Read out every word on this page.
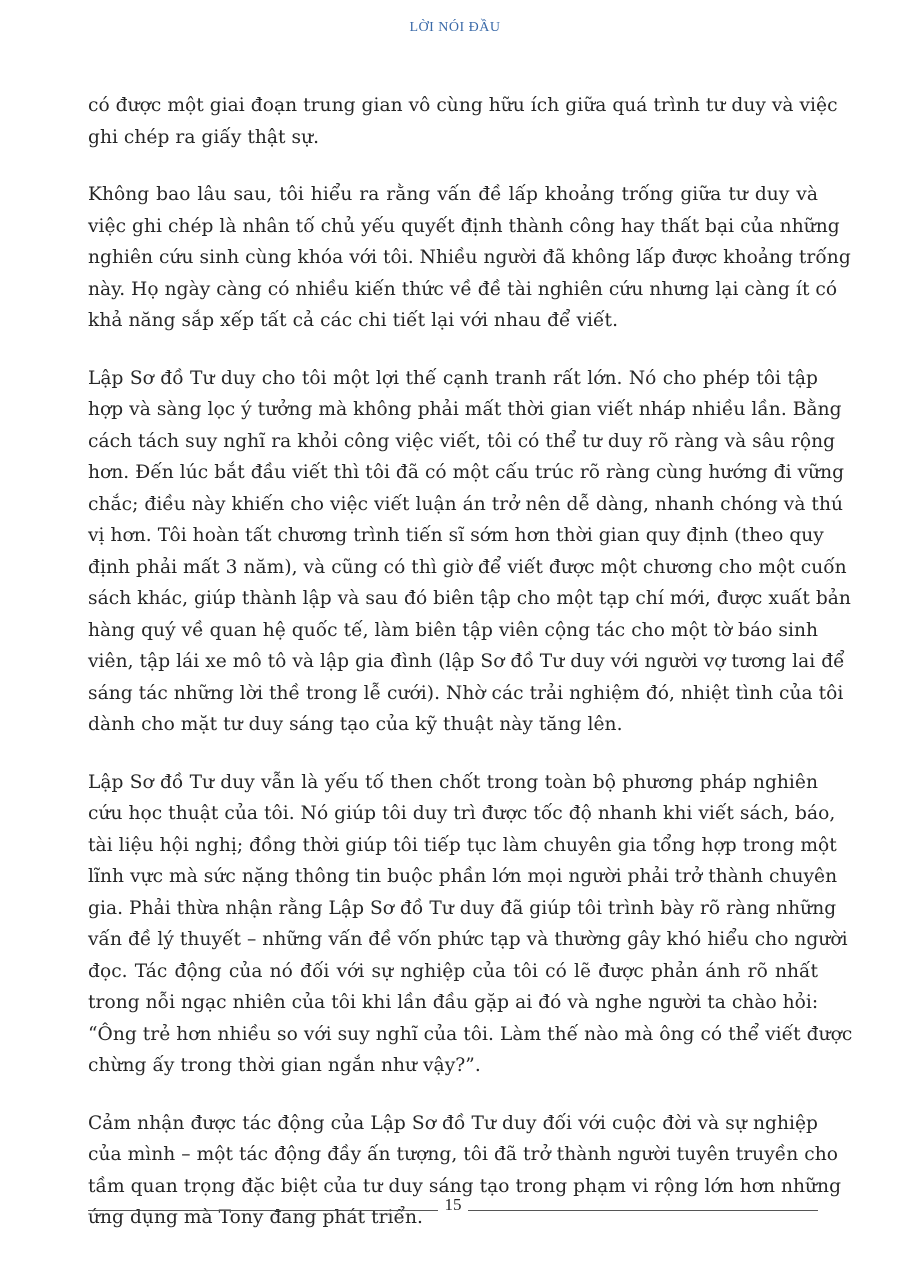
LỜI NÓI ĐẦU

có được một giai đoạn trung gian vô cùng hữu ích giữa quá trình tư duy và việc
ghi chép ra giấy thật sự.

Không bao lâu sau, tôi hiểu ra rằng vấn đề lấp khoảng trống giữa tư duy và
việc ghi chép là nhân tố chủ yếu quyết định thành công hay thất bại của những
nghiên cứu sinh cùng khóa với tôi. Nhiều người đã không lấp được khoảng trống
này. Họ ngày càng có nhiều kiến thức về đề tài nghiên cứu nhưng lại càng ít có
khả năng sắp xếp tất cả các chi tiết lại với nhau để viết.

Lập Sơ đồ Tư duy cho tôi một lợi thế cạnh tranh rất lớn. Nó cho phép tôi tập
hợp và sàng lọc ý tưởng mà không phải mất thời gian viết nháp nhiều lần. Bằng
cách tách suy nghĩ ra khỏi công việc viết, tôi có thể tư duy rõ ràng và sâu rộng
hơn. Đến lúc bắt đầu viết thì tôi đã có một cấu trúc rõ ràng cùng hướng đi vững
chắc; điều này khiến cho việc viết luận án trở nên dễ dàng, nhanh chóng và thú
vị hơn. Tôi hoàn tất chương trình tiến sĩ sớm hơn thời gian quy định (theo quy
định phải mất 3 năm), và cũng có thì giờ để viết được một chương cho một cuốn
sách khác, giúp thành lập và sau đó biên tập cho một tạp chí mới, được xuất bản
hàng quý về quan hệ quốc tế, làm biên tập viên cộng tác cho một tờ báo sinh
viên, tập lái xe mô tô và lập gia đình (lập Sơ đồ Tư duy với người vợ tương lai để
sáng tác những lời thề trong lễ cưới). Nhờ các trải nghiệm đó, nhiệt tình của tôi
dành cho mặt tư duy sáng tạo của kỹ thuật này tăng lên.

Lập Sơ đồ Tư duy vẫn là yếu tố then chốt trong toàn bộ phương pháp nghiên
cứu học thuật của tôi. Nó giúp tôi duy trì được tốc độ nhanh khi viết sách, báo,
tài liệu hội nghị; đồng thời giúp tôi tiếp tục làm chuyên gia tổng hợp trong một
lĩnh vực mà sức nặng thông tin buộc phần lớn mọi người phải trở thành chuyên
gia. Phải thừa nhận rằng Lập Sơ đồ Tư duy đã giúp tôi trình bày rõ ràng những
vấn đề lý thuyết – những vấn đề vốn phức tạp và thường gây khó hiểu cho người
đọc. Tác động của nó đối với sự nghiệp của tôi có lẽ được phản ánh rõ nhất
trong nỗi ngạc nhiên của tôi khi lần đầu gặp ai đó và nghe người ta chào hỏi:
“Ông trẻ hơn nhiều so với suy nghĩ của tôi. Làm thế nào mà ông có thể viết được
chừng ấy trong thời gian ngắn như vậy?”.

Cảm nhận được tác động của Lập Sơ đồ Tư duy đối với cuộc đời và sự nghiệp
của mình – một tác động đầy ấn tượng, tôi đã trở thành người tuyên truyền cho
tầm quan trọng đặc biệt của tư duy sáng tạo trong phạm vi rộng lớn hơn những
ứng dụng mà Tony đang phát triển.

15
